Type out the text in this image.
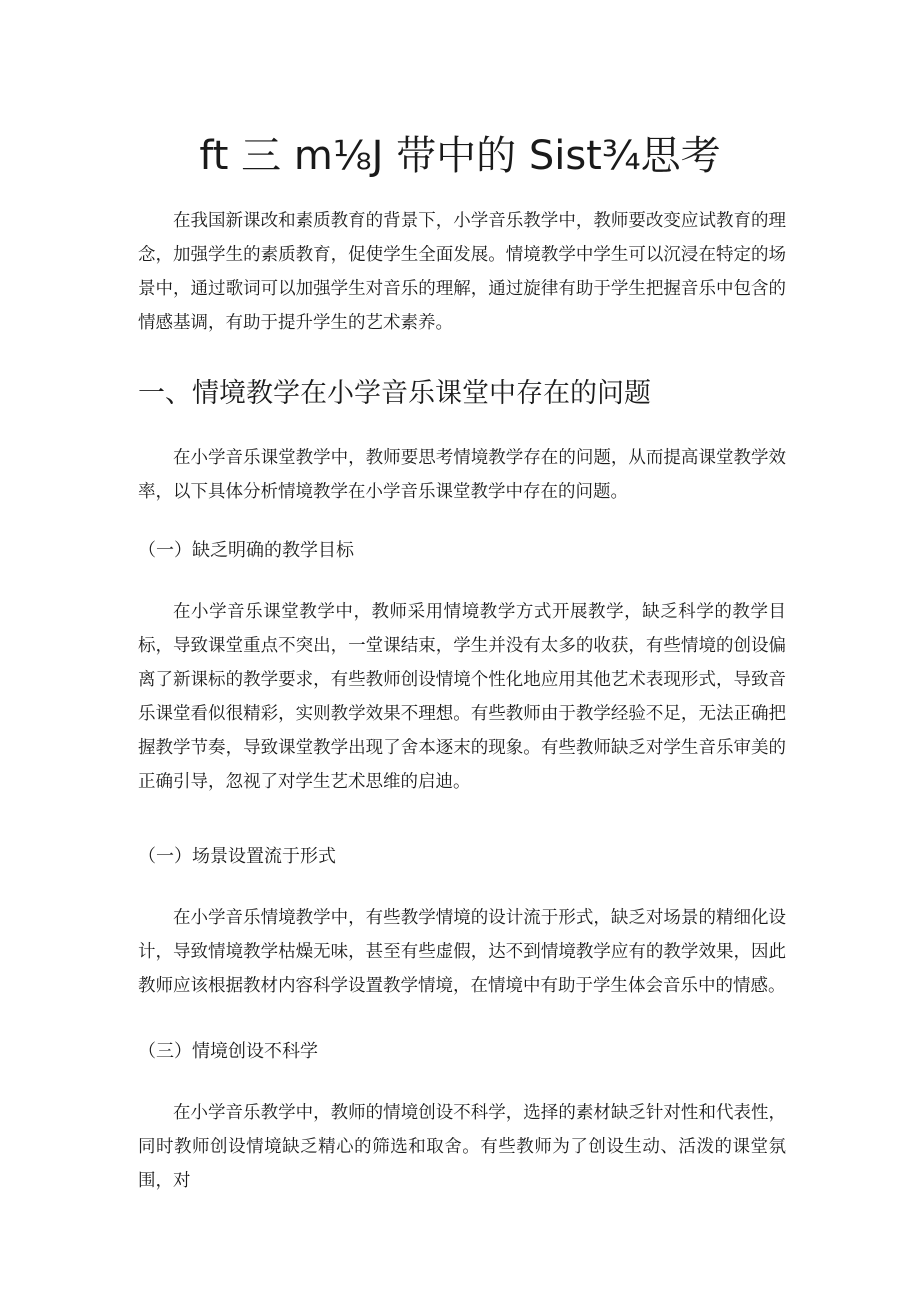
ft 三 m⅛J 带中的 Sist¾思考

在我国新课改和素质教育的背景下，小学音乐教学中，教师要改变应试教育的理念，加强学生的素质教育，促使学生全面发展。情境教学中学生可以沉浸在特定的场景中，通过歌词可以加强学生对音乐的理解，通过旋律有助于学生把握音乐中包含的情感基调，有助于提升学生的艺术素养。

一、情境教学在小学音乐课堂中存在的问题

在小学音乐课堂教学中，教师要思考情境教学存在的问题，从而提高课堂教学效率，以下具体分析情境教学在小学音乐课堂教学中存在的问题。

（一）缺乏明确的教学目标

在小学音乐课堂教学中，教师采用情境教学方式开展教学，缺乏科学的教学目标，导致课堂重点不突出，一堂课结束，学生并没有太多的收获，有些情境的创设偏离了新课标的教学要求，有些教师创设情境个性化地应用其他艺术表现形式，导致音乐课堂看似很精彩，实则教学效果不理想。有些教师由于教学经验不足，无法正确把握教学节奏，导致课堂教学出现了舍本逐末的现象。有些教师缺乏对学生音乐审美的正确引导，忽视了对学生艺术思维的启迪。

（一）场景设置流于形式

在小学音乐情境教学中，有些教学情境的设计流于形式，缺乏对场景的精细化设计，导致情境教学枯燥无味，甚至有些虚假，达不到情境教学应有的教学效果，因此教师应该根据教材内容科学设置教学情境，在情境中有助于学生体会音乐中的情感。

（三）情境创设不科学

在小学音乐教学中，教师的情境创设不科学，选择的素材缺乏针对性和代表性，同时教师创设情境缺乏精心的筛选和取舍。有些教师为了创设生动、活泼的课堂氛围，对
